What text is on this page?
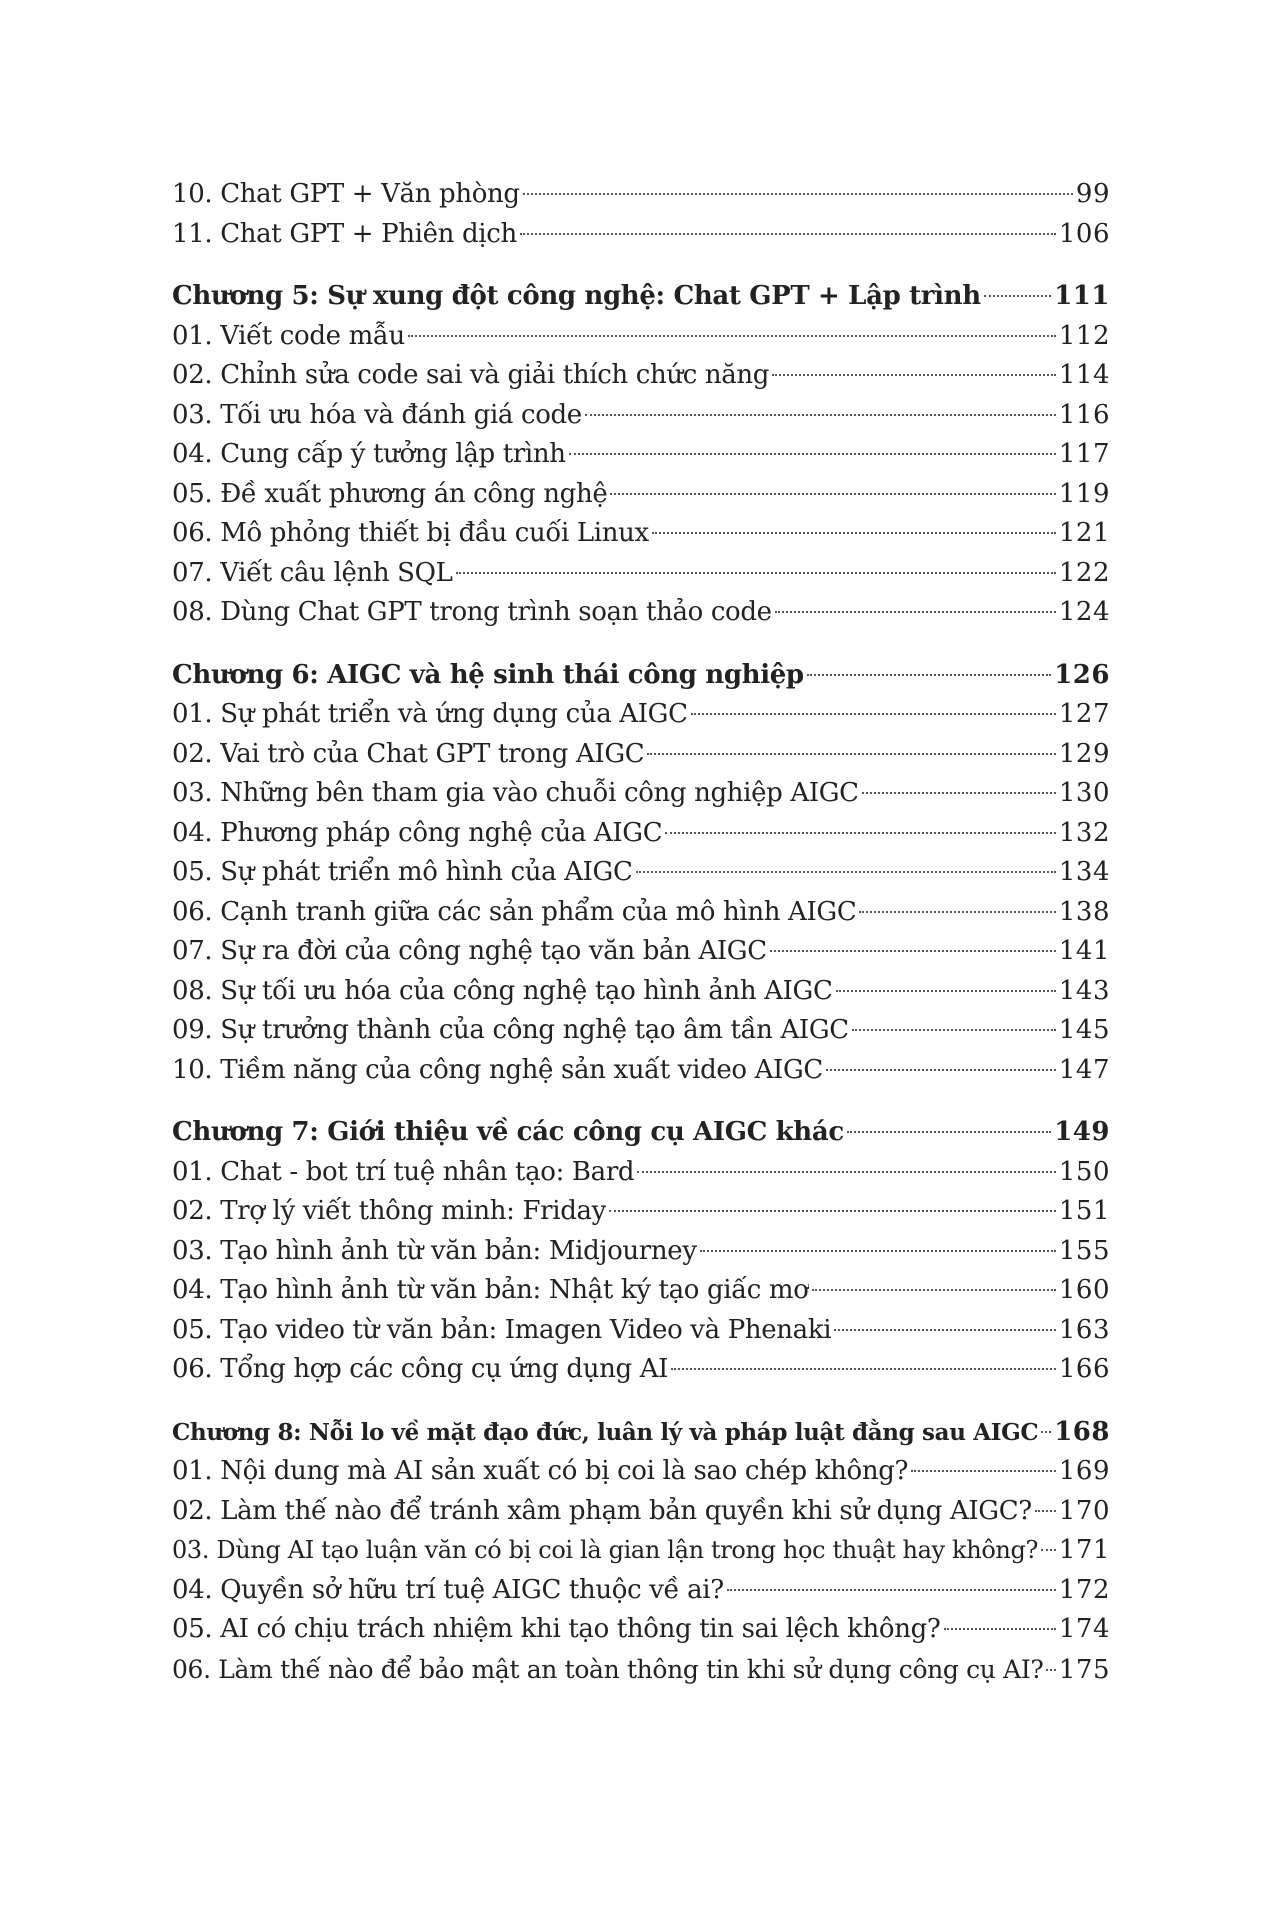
10. Chat GPT + Văn phòng	99
11. Chat GPT + Phiên dịch	106
Chương 5: Sự xung đột công nghệ: Chat GPT + Lập trình	111
01. Viết code mẫu	112
02. Chỉnh sửa code sai và giải thích chức năng	114
03. Tối ưu hóa và đánh giá code	116
04. Cung cấp ý tưởng lập trình	117
05. Đề xuất phương án công nghệ	119
06. Mô phỏng thiết bị đầu cuối Linux	121
07. Viết câu lệnh SQL	122
08. Dùng Chat GPT trong trình soạn thảo code	124
Chương 6: AIGC và hệ sinh thái công nghiệp	126
01. Sự phát triển và ứng dụng của AIGC	127
02. Vai trò của Chat GPT trong AIGC	129
03. Những bên tham gia vào chuỗi công nghiệp AIGC	130
04. Phương pháp công nghệ của AIGC	132
05. Sự phát triển mô hình của AIGC	134
06. Cạnh tranh giữa các sản phẩm của mô hình AIGC	138
07. Sự ra đời của công nghệ tạo văn bản AIGC	141
08. Sự tối ưu hóa của công nghệ tạo hình ảnh AIGC	143
09. Sự trưởng thành của công nghệ tạo âm tần AIGC	145
10. Tiềm năng của công nghệ sản xuất video AIGC	147
Chương 7: Giới thiệu về các công cụ AIGC khác	149
01. Chat - bot trí tuệ nhân tạo: Bard	150
02. Trợ lý viết thông minh: Friday	151
03. Tạo hình ảnh từ văn bản: Midjourney	155
04. Tạo hình ảnh từ văn bản: Nhật ký tạo giấc mơ	160
05. Tạo video từ văn bản: Imagen Video và Phenaki	163
06. Tổng hợp các công cụ ứng dụng AI	166
Chương 8: Nỗi lo về mặt đạo đức, luân lý và pháp luật đằng sau AIGC 168
01. Nội dung mà AI sản xuất có bị coi là sao chép không?	169
02. Làm thế nào để tránh xâm phạm bản quyền khi sử dụng AIGC? 170
03. Dùng AI tạo luận văn có bị coi là gian lận trong học thuật hay không? 171
04. Quyền sở hữu trí tuệ AIGC thuộc về ai?	172
05. AI có chịu trách nhiệm khi tạo thông tin sai lệch không?	174
06. Làm thế nào để bảo mật an toàn thông tin khi sử dụng công cụ AI? 175
